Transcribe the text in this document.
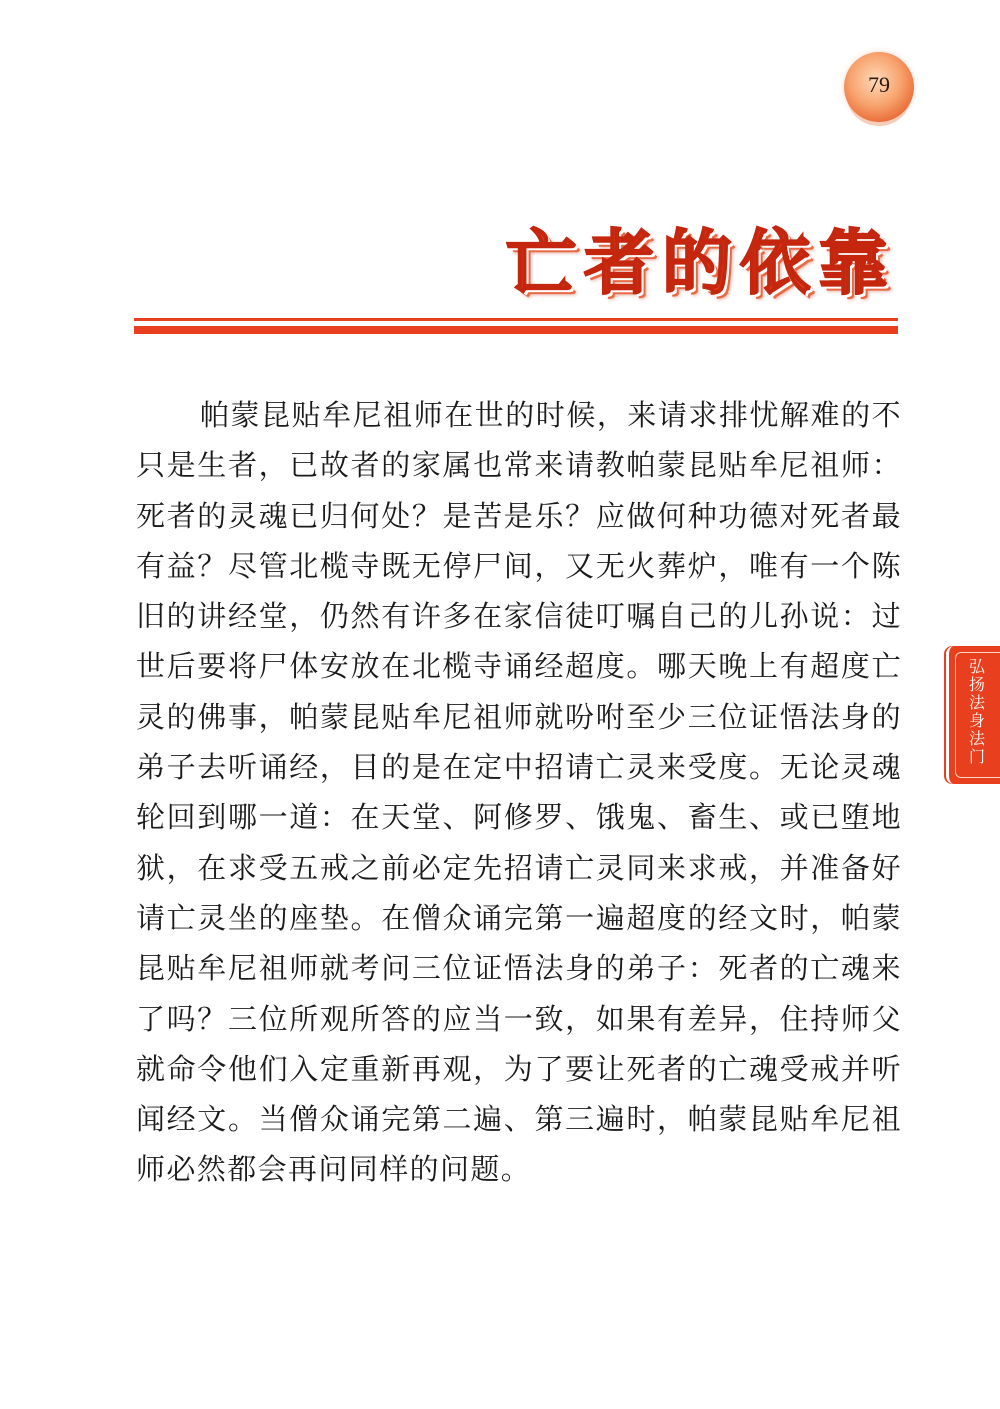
79
亡者的依靠

帕蒙昆贴牟尼祖师在世的时候，来请求排忧解难的不只是生者，已故者的家属也常来请教帕蒙昆贴牟尼祖师：死者的灵魂已归何处？是苦是乐？应做何种功德对死者最有益？尽管北榄寺既无停尸间，又无火葬炉，唯有一个陈旧的讲经堂，仍然有许多在家信徒叮嘱自己的儿孙说：过世后要将尸体安放在北榄寺诵经超度。哪天晚上有超度亡灵的佛事，帕蒙昆贴牟尼祖师就吩咐至少三位证悟法身的弟子去听诵经，目的是在定中招请亡灵来受度。无论灵魂轮回到哪一道：在天堂、阿修罗、饿鬼、畜生、或已堕地狱，在求受五戒之前必定先招请亡灵同来求戒，并准备好请亡灵坐的座垫。在僧众诵完第一遍超度的经文时，帕蒙昆贴牟尼祖师就考问三位证悟法身的弟子：死者的亡魂来了吗？三位所观所答的应当一致，如果有差异，住持师父就命令他们入定重新再观，为了要让死者的亡魂受戒并听闻经文。当僧众诵完第二遍、第三遍时，帕蒙昆贴牟尼祖师必然都会再问同样的问题。

弘扬法身法门
